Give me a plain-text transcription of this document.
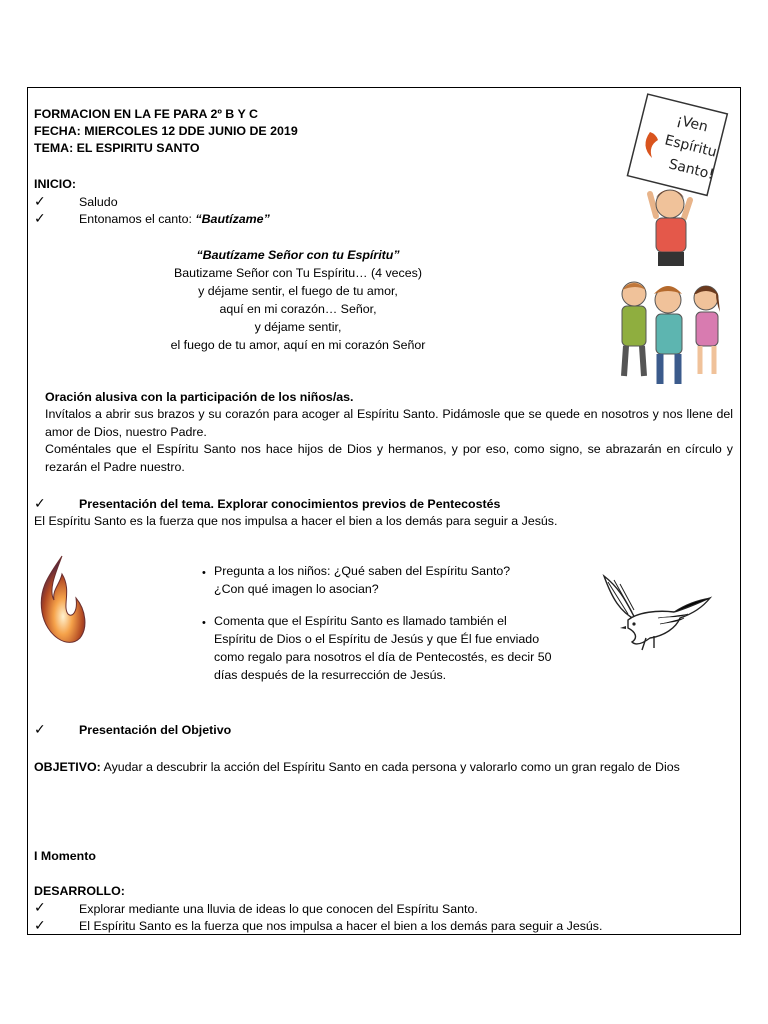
FORMACION EN LA FE PARA 2º B Y C
FECHA: MIERCOLES 12 DDE JUNIO DE 2019
TEMA: EL ESPIRITU SANTO
INICIO:
✓	Saludo
✓	Entonamos el canto: “Bautízame”
“Bautízame Señor con tu Espíritu”
Bautizame Señor con Tu Espíritu… (4 veces)
y déjame sentir, el fuego de tu amor,
aquí en mi corazón… Señor,
y déjame sentir,
el fuego de tu amor, aquí en mi corazón Señor
¡Ven
Espíritu
Santo!
Oración alusiva con la participación de los niños/as.
Invítalos a abrir sus brazos y su corazón para acoger al Espíritu Santo. Pidámosle que se quede en nosotros y nos llene del amor de Dios, nuestro Padre.
Coméntales que el Espíritu Santo nos hace hijos de Dios y hermanos, y por eso, como signo, se abrazarán en círculo y rezarán el Padre nuestro.
✓	Presentación del tema. Explorar conocimientos previos de Pentecostés
El Espíritu Santo es la fuerza que nos impulsa a hacer el bien a los demás para seguir a Jesús.
• Pregunta a los niños: ¿Qué saben del Espíritu Santo?
¿Con qué imagen lo asocian?
• Comenta que el Espíritu Santo es llamado también el
Espíritu de Dios o el Espíritu de Jesús y que Él fue enviado
como regalo para nosotros el día de Pentecostés, es decir 50
días después de la resurrección de Jesús.
✓	Presentación del Objetivo
OBJETIVO: Ayudar a descubrir la acción del Espíritu Santo en cada persona y valorarlo como un gran regalo de Dios
I Momento
DESARROLLO:
✓	Explorar mediante una lluvia de ideas lo que conocen del Espíritu Santo.
✓	El Espíritu Santo es la fuerza que nos impulsa a hacer el bien a los demás para seguir a Jesús.
